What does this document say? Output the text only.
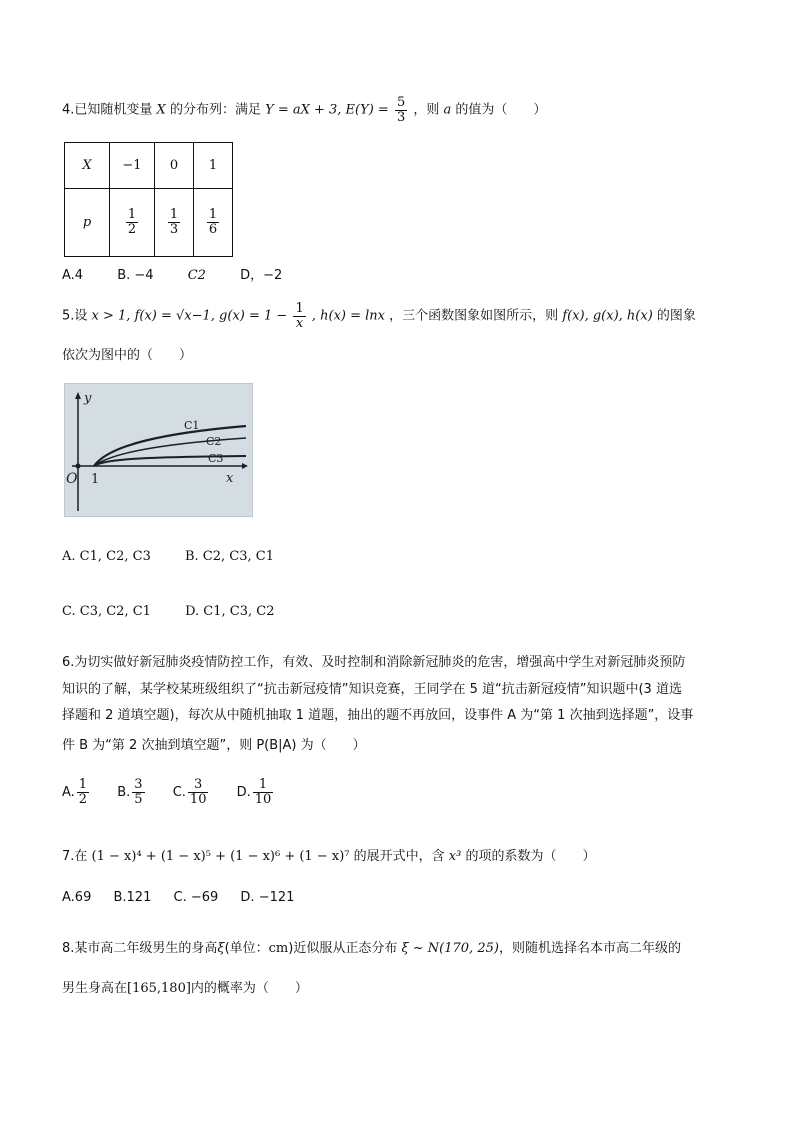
4.已知随机变量 X 的分布列：满足 Y = aX + 3, $E(Y) = \frac{5}{3}$ ，则 a 的值为（　　）
X	−1	0	1
p	$\frac{1}{2}$	$\frac{1}{3}$	$\frac{1}{6}$
A.4	B. −4	C2	D，−2
5.设 x > 1, f(x) = √x−1, $g(x) = 1 - \frac{1}{x}$ , h(x) = lnx ，三个函数图象如图所示，则 f(x), g(x), h(x) 的图象
依次为图中的（　　）
y
x
O 1
C1
C2
C3
A. C1, C2, C3	B. C2, C3, C1
C. C3, C2, C1	D. C1, C3, C2
6.为切实做好新冠肺炎疫情防控工作，有效、及时控制和消除新冠肺炎的危害，增强高中学生对新冠肺炎预防
知识的了解，某学校某班级组织了“抗击新冠疫情”知识竞赛，王同学在 5 道“抗击新冠疫情”知识题中(3 道选
择题和 2 道填空题)，每次从中随机抽取 1 道题，抽出的题不再放回，设事件 A 为“第 1 次抽到选择题”，设事
件 B 为“第 2 次抽到填空题”，则 P(B|A) 为（　　）
A. $\frac{1}{2} B$. $\frac{3}{5} C$. $\frac{3}{10} D$. $\frac{1}{10}$
7.在 (1 − x)⁴ + (1 − x)⁵ + (1 − x)⁶ + (1 − x)⁷ 的展开式中，含 x³ 的项的系数为（　　）
A.69 B.121 C. −69 D. −121
8.某市高二年级男生的身高ξ(单位：cm)近似服从正态分布 ξ ~ N(170, 25)，则随机选择名本市高二年级的
男生身高在[165,180]内的概率为（　　）
